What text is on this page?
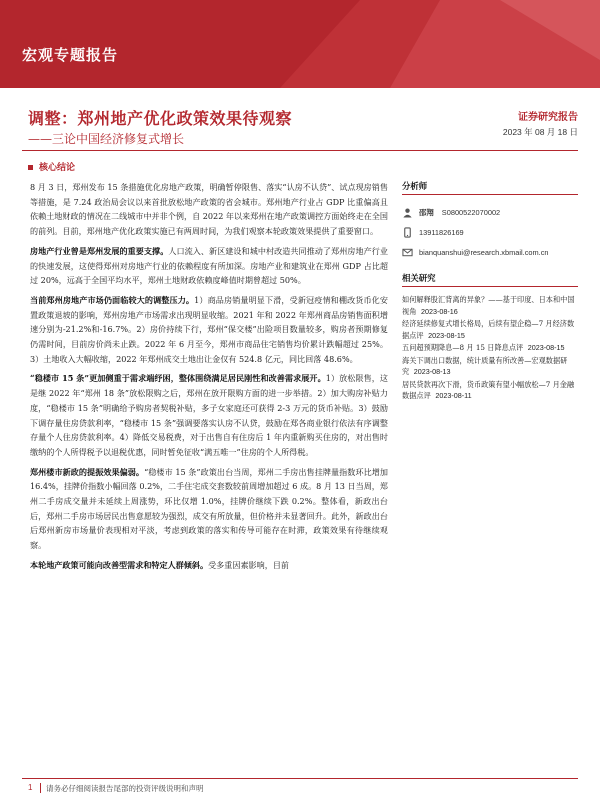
宏观专题报告
调整：郑州地产优化政策效果待观察
——三论中国经济修复式增长
证券研究报告
2023 年 08 月 18 日
核心结论

8 月 3 日，郑州发布 15 条措施优化房地产政策，明确暂停限售、落实“认房不认贷”、试点现房销售等措施，是 7.24 政治局会议以来首批放松地产政策的省会城市。郑州地产行业占 GDP 比重偏高且依赖土地财政的情况在二线城市中并非个例，自 2022 年以来郑州在地产政策调控方面始终走在全国的前列。目前，郑州地产优化政策实施已有两周时间，为我们观察本轮政策效果提供了重要窗口。

房地产行业曾是郑州发展的重要支撑。人口流入、新区建设和城中村改造共同推动了郑州房地产行业的快速发展，这使得郑州对房地产行业的依赖程度有所加深。房地产业和建筑业在郑州 GDP 占比超过 20%，远高于全国平均水平，郑州土地财政依赖度峰值时期曾超过 50%。

当前郑州房地产市场仍面临较大的调整压力。1）商品房销量明显下滑，受新冠疫情和棚改货币化安置政策退坡的影响，郑州房地产市场需求出现明显收缩。2021 年和 2022 年郑州商品房销售面积增速分别为-21.2%和-16.7%。2）房价持续下行，郑州“保交楼”出险项目数量较多，购房者预期修复仍需时间，目前房价尚未止跌。2022 年 6 月至今，郑州市商品住宅销售均价累计跌幅超过 25%。3）土地收入大幅收缩，2022 年郑州成交土地出让金仅有 524.8 亿元，同比回落 48.6%。

“稳楼市 15 条”更加侧重于需求端纾困，整体围绕满足居民刚性和改善需求展开。1）放松限售，这是继 2022 年“郑州 18 条”放松限购之后，郑州在放开限购方面的进一步举措。2）加大购房补贴力度，“稳楼市 15 条”明确给予购房者契税补贴，多子女家庭还可获得 2-3 万元的货币补贴。3）鼓励下调存量住房贷款利率，“稳楼市 15 条”强调要落实认房不认贷，鼓励在郑各商业银行依法有序调整存量个人住房贷款利率。4）降低交易税费，对于出售自有住房后 1 年内重新购买住房的，对出售时缴纳的个人所得税予以退税优惠，同时暂免征收“满五唯一”住房的个人所得税。

郑州楼市新政的提振效果偏弱。“稳楼市 15 条”政策出台当周，郑州二手房出售挂牌量指数环比增加 16.4%，挂牌价指数小幅回落 0.2%，二手住宅成交套数较前周增加超过 6 成。8 月 13 日当周，郑州二手房成交量并未延续上周涨势，环比仅增 1.0%，挂牌价继续下跌 0.2%。整体看，新政出台后，郑州二手房市场居民出售意愿较为强烈，成交有所放量，但价格并未显著回升。此外，新政出台后郑州新房市场量价表现相对平淡，考虑到政策的落实和传导可能存在时滞，政策效果有待继续观察。

本轮地产政策可能向改善型需求和特定人群倾斜。受多重因素影响，目前

分析师
邵翔 S0800522070002
13911826169
bianquanshui@research.xbmail.com.cn
相关研究
如何解释股汇背离的异象？——基于印度、日本和中国视角 2023-08-16
经济延续修复式增长格局，后续有望企稳—7 月经济数据点评 2023-08-15
五问超预期降息—8 月 15 日降息点评 2023-08-15
海关下调出口数据，统计质量有所改善—宏观数据研究 2023-08-13
居民贷款再次下滑，货币政策有望小幅放松—7 月金融数据点评 2023-08-11
1 请务必仔细阅读报告尾部的投资评级说明和声明
